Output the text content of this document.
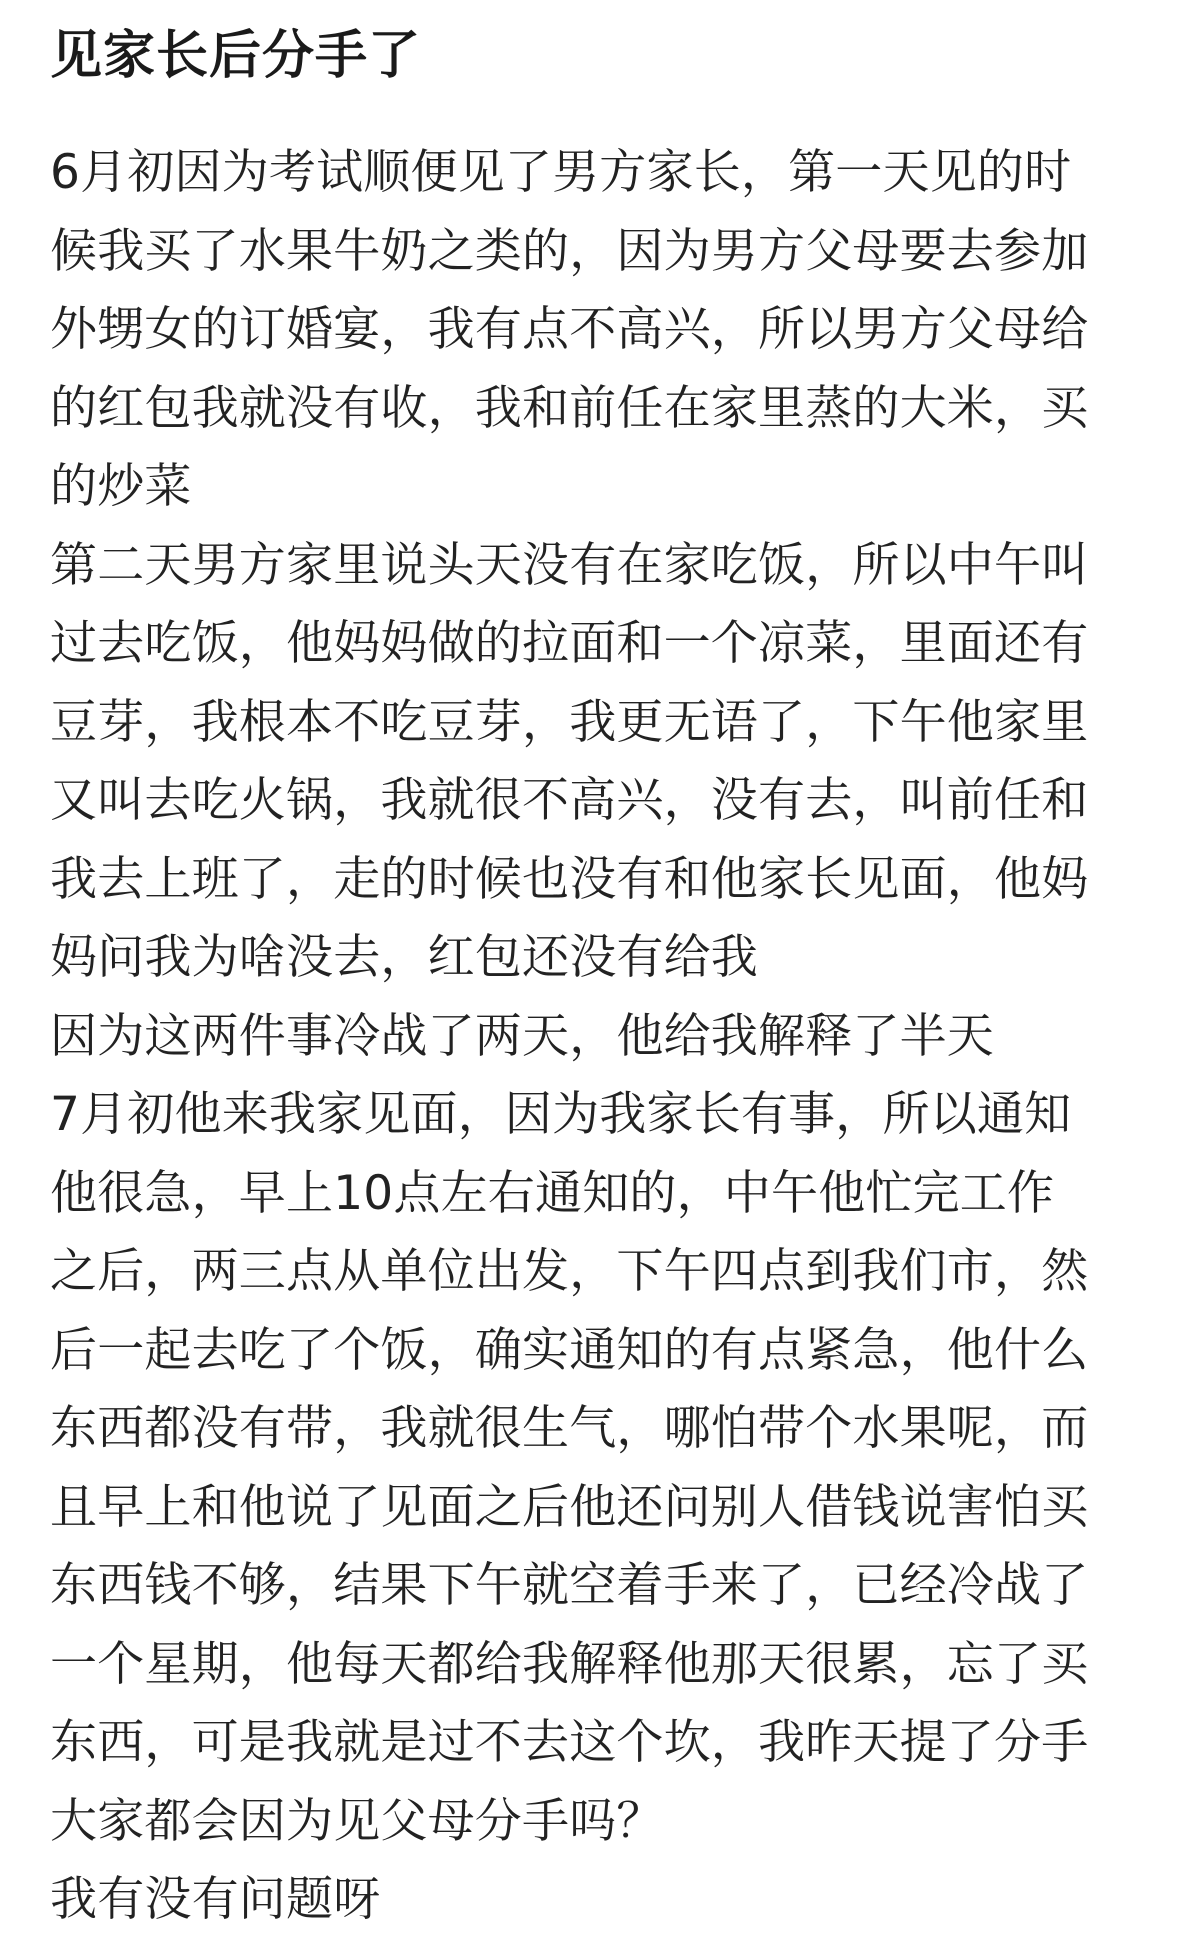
见家长后分手了
6月初因为考试顺便见了男方家长，第一天见的时
候我买了水果牛奶之类的，因为男方父母要去参加
外甥女的订婚宴，我有点不高兴，所以男方父母给
的红包我就没有收，我和前任在家里蒸的大米，买
的炒菜
第二天男方家里说头天没有在家吃饭，所以中午叫
过去吃饭，他妈妈做的拉面和一个凉菜，里面还有
豆芽，我根本不吃豆芽，我更无语了，下午他家里
又叫去吃火锅，我就很不高兴，没有去，叫前任和
我去上班了，走的时候也没有和他家长见面，他妈
妈问我为啥没去，红包还没有给我
因为这两件事冷战了两天，他给我解释了半天
7月初他来我家见面，因为我家长有事，所以通知
他很急，早上10点左右通知的，中午他忙完工作
之后，两三点从单位出发，下午四点到我们市，然
后一起去吃了个饭，确实通知的有点紧急，他什么
东西都没有带，我就很生气，哪怕带个水果呢，而
且早上和他说了见面之后他还问别人借钱说害怕买
东西钱不够，结果下午就空着手来了，已经冷战了
一个星期，他每天都给我解释他那天很累，忘了买
东西，可是我就是过不去这个坎，我昨天提了分手
大家都会因为见父母分手吗？
我有没有问题呀
